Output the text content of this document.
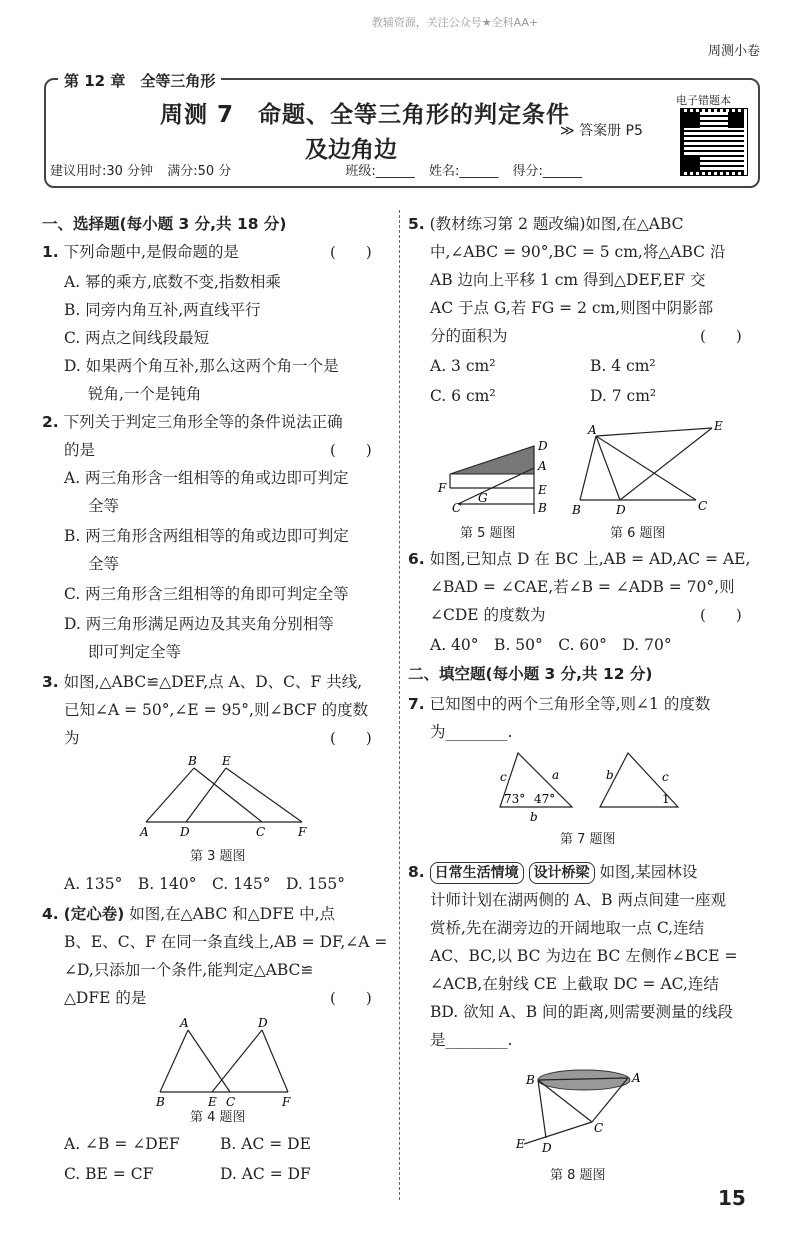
教辅资源，关注公众号★全科AA+
周测小卷
第 12 章　全等三角形
周测 7　命题、全等三角形的判定条件
及边角边
≫ 答案册 P5
电子错题本
建议用时:30 分钟 满分:50 分	班级:______ 姓名:______ 得分:______
一、选择题(每小题 3 分,共 18 分)
1. 下列命题中,是假命题的是	(　　)
A. 幂的乘方,底数不变,指数相乘
B. 同旁内角互补,两直线平行
C. 两点之间线段最短
D. 如果两个角互补,那么这两个角一个是
锐角,一个是钝角
2. 下列关于判定三角形全等的条件说法正确
的是	(　　)
A. 两三角形含一组相等的角或边即可判定
全等
B. 两三角形含两组相等的角或边即可判定
全等
C. 两三角形含三组相等的角即可判定全等
D. 两三角形满足两边及其夹角分别相等
即可判定全等
3. 如图,△ABC≌△DEF,点 A、D、C、F 共线,
已知∠A = 50°,∠E = 95°,则∠BCF 的度数
为	(　　)
B E
A	D	C	F
第 3 题图
A. 135°　B. 140°　C. 145°　D. 155°
4. (定心卷) 如图,在△ABC 和△DFE 中,点
B、E、C、F 在同一条直线上,AB = DF,∠A =
∠D,只添加一个条件,能判定△ABC≌
△DFE 的是	(　　)
A	D
B	E C	F
第 4 题图
A. ∠B = ∠DEF	B. AC = DE
C. BE = CF	D. AC = DF
5. (教材练习第 2 题改编)如图,在△ABC
中,∠ABC = 90°,BC = 5 cm,将△ABC 沿
AB 边向上平移 1 cm 得到△DEF,EF 交
AC 于点 G,若 FG = 2 cm,则图中阴影部
分的面积为	(　　)
A. 3 cm²	B. 4 cm²
C. 6 cm²	D. 7 cm²
D
A
E
B
F
G
C
第 5 题图
A	E
B	D	C
第 6 题图
6. 如图,已知点 D 在 BC 上,AB = AD,AC = AE,
∠BAD = ∠CAE,若∠B = ∠ADB = 70°,则
∠CDE 的度数为	(　　)
A. 40°　B. 50°　C. 60°　D. 70°
二、填空题(每小题 3 分,共 12 分)
7. 已知图中的两个三角形全等,则∠1 的度数
为________.
c	a
b
73° 47°
b	c
1
第 7 题图
8. 日常生活情境 设计桥梁 如图,某园林设
计师计划在湖两侧的 A、B 两点间建一座观
赏桥,先在湖旁边的开阔地取一点 C,连结
AC、BC,以 BC 为边在 BC 左侧作∠BCE =
∠ACB,在射线 CE 上截取 DC = AC,连结
BD. 欲知 A、B 间的距离,则需要测量的线段
是________.
B	A
C
D
E
第 8 题图
15
